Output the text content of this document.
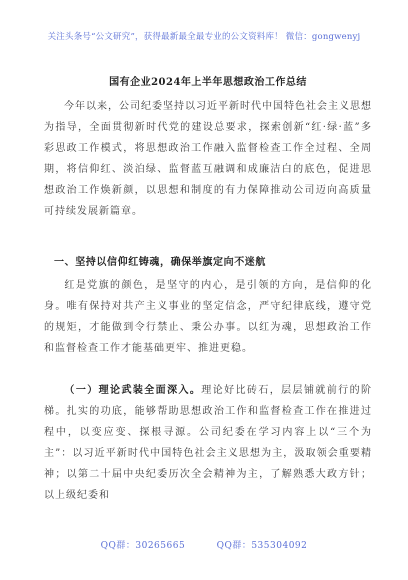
关注头条号“公文研究”，获得最新最全最专业的公文资料库！ 微信：gongwenyj
国有企业2024年上半年思想政治工作总结
今年以来，公司纪委坚持以习近平新时代中国特色社会主义思想为指导，全面贯彻新时代党的建设总要求，探索创新“红·绿·蓝”多彩思政工作模式，将思想政治工作融入监督检查工作全过程、全周期，将信仰红、淡泊绿、监督蓝互融调和成廉洁白的底色，促进思想政治工作焕新颜，以思想和制度的有力保障推动公司迈向高质量可持续发展新篇章。
一、坚持以信仰红铸魂，确保举旗定向不迷航
红是党旗的颜色，是坚守的内心，是引领的方向，是信仰的化身。唯有保持对共产主义事业的坚定信念，严守纪律底线，遵守党的规矩，才能做到令行禁止、秉公办事。以红为魂，思想政治工作和监督检查工作才能基础更牢、推进更稳。
（一）理论武装全面深入。理论好比砖石，层层铺就前行的阶梯。扎实的功底，能够帮助思想政治工作和监督检查工作在推进过程中，以变应变、探根寻源。公司纪委在学习内容上以“三个为主”：以习近平新时代中国特色社会主义思想为主，汲取领会重要精神；以第二十届中央纪委历次全会精神为主，了解熟悉大政方针；以上级纪委和
QQ群：30265665	QQ群：535304092
